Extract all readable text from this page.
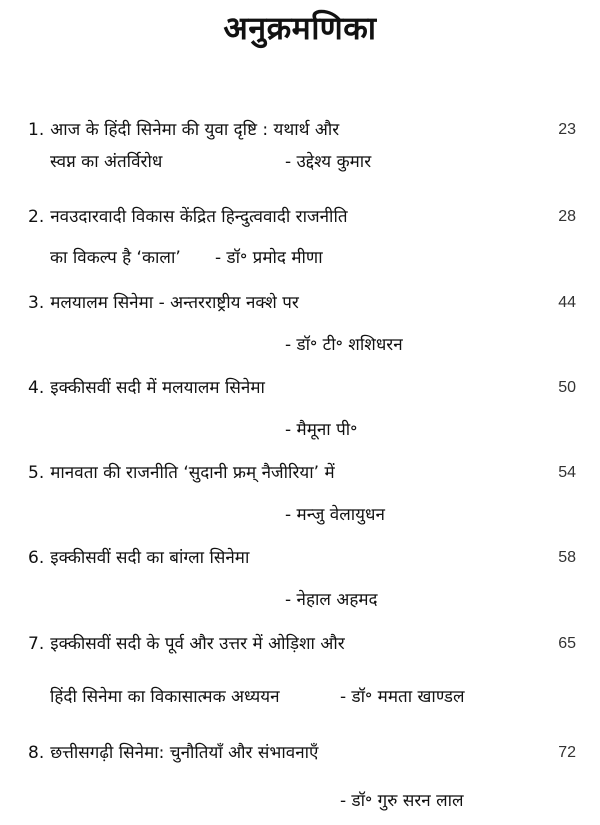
अनुक्रमणिका
1. आज के हिंदी सिनेमा की युवा दृष्टि : यथार्थ और	23
स्वप्न का अंतर्विरोध	- उद्देश्य कुमार
2. नवउदारवादी विकास केंद्रित हिन्दुत्ववादी राजनीति	28
का विकल्प है ‘काला’ - डॉ॰ प्रमोद मीणा
3. मलयालम सिनेमा - अन्तरराष्ट्रीय नक्शे पर	44
- डॉ॰ टी॰ शशिधरन
4. इक्कीसवीं सदी में मलयालम सिनेमा	50
- मैमूना पी॰
5. मानवता की राजनीति ‘सुदानी फ्रम् नैजीरिया’ में	54
- मन्जु वेलायुधन
6. इक्कीसवीं सदी का बांग्ला सिनेमा	58
- नेहाल अहमद
7. इक्कीसवीं सदी के पूर्व और उत्तर में ओड़िशा और	65
हिंदी सिनेमा का विकासात्मक अध्ययन	- डॉ॰ ममता खाण्डल
8. छत्तीसगढ़ी सिनेमा: चुनौतियाँ और संभावनाएँ	72
- डॉ॰ गुरु सरन लाल
